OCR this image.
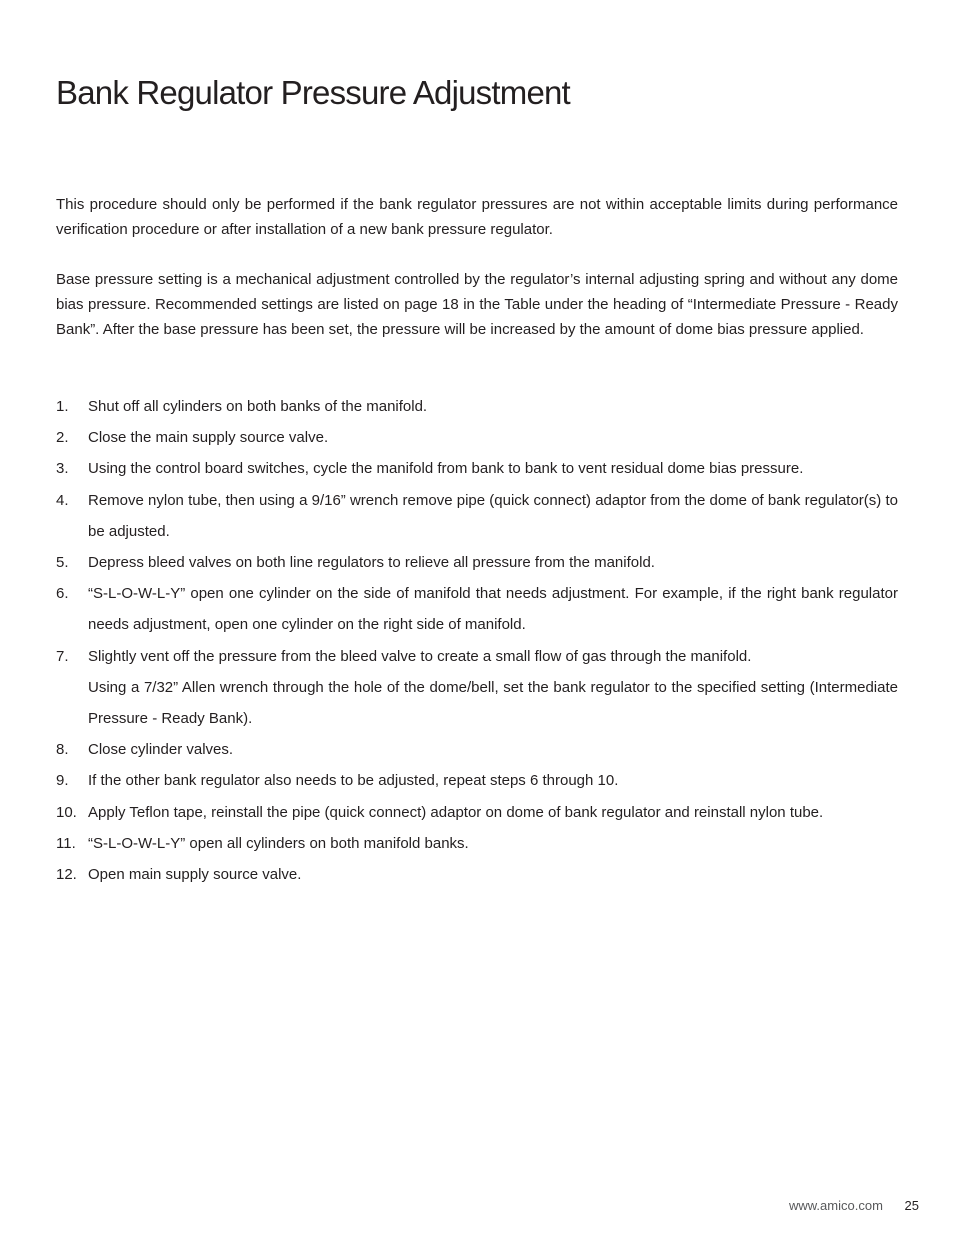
Bank Regulator Pressure Adjustment

This procedure should only be performed if the bank regulator pressures are not within acceptable limits during performance verification procedure or after installation of a new bank pressure regulator.

Base pressure setting is a mechanical adjustment controlled by the regulator’s internal adjusting spring and without any dome bias pressure. Recommended settings are listed on page 18 in the Table under the heading of “Intermediate Pressure - Ready Bank”. After the base pressure has been set, the pressure will be increased by the amount of dome bias pressure applied.

1. Shut off all cylinders on both banks of the manifold.
2. Close the main supply source valve.
3. Using the control board switches, cycle the manifold from bank to bank to vent residual dome bias pressure.
4. Remove nylon tube, then using a 9/16” wrench remove pipe (quick connect) adaptor from the dome of bank regulator(s) to be adjusted.
5. Depress bleed valves on both line regulators to relieve all pressure from the manifold.
6. “S-L-O-W-L-Y” open one cylinder on the side of manifold that needs adjustment. For example, if the right bank regulator needs adjustment, open one cylinder on the right side of manifold.
7. Slightly vent off the pressure from the bleed valve to create a small flow of gas through the manifold.
Using a 7/32” Allen wrench through the hole of the dome/bell, set the bank regulator to the specified setting (Intermediate Pressure - Ready Bank).
8. Close cylinder valves.
9. If the other bank regulator also needs to be adjusted, repeat steps 6 through 10.
10. Apply Teflon tape, reinstall the pipe (quick connect) adaptor on dome of bank regulator and reinstall nylon tube.
11. “S-L-O-W-L-Y” open all cylinders on both manifold banks.
12. Open main supply source valve.
www.amico.com 25
